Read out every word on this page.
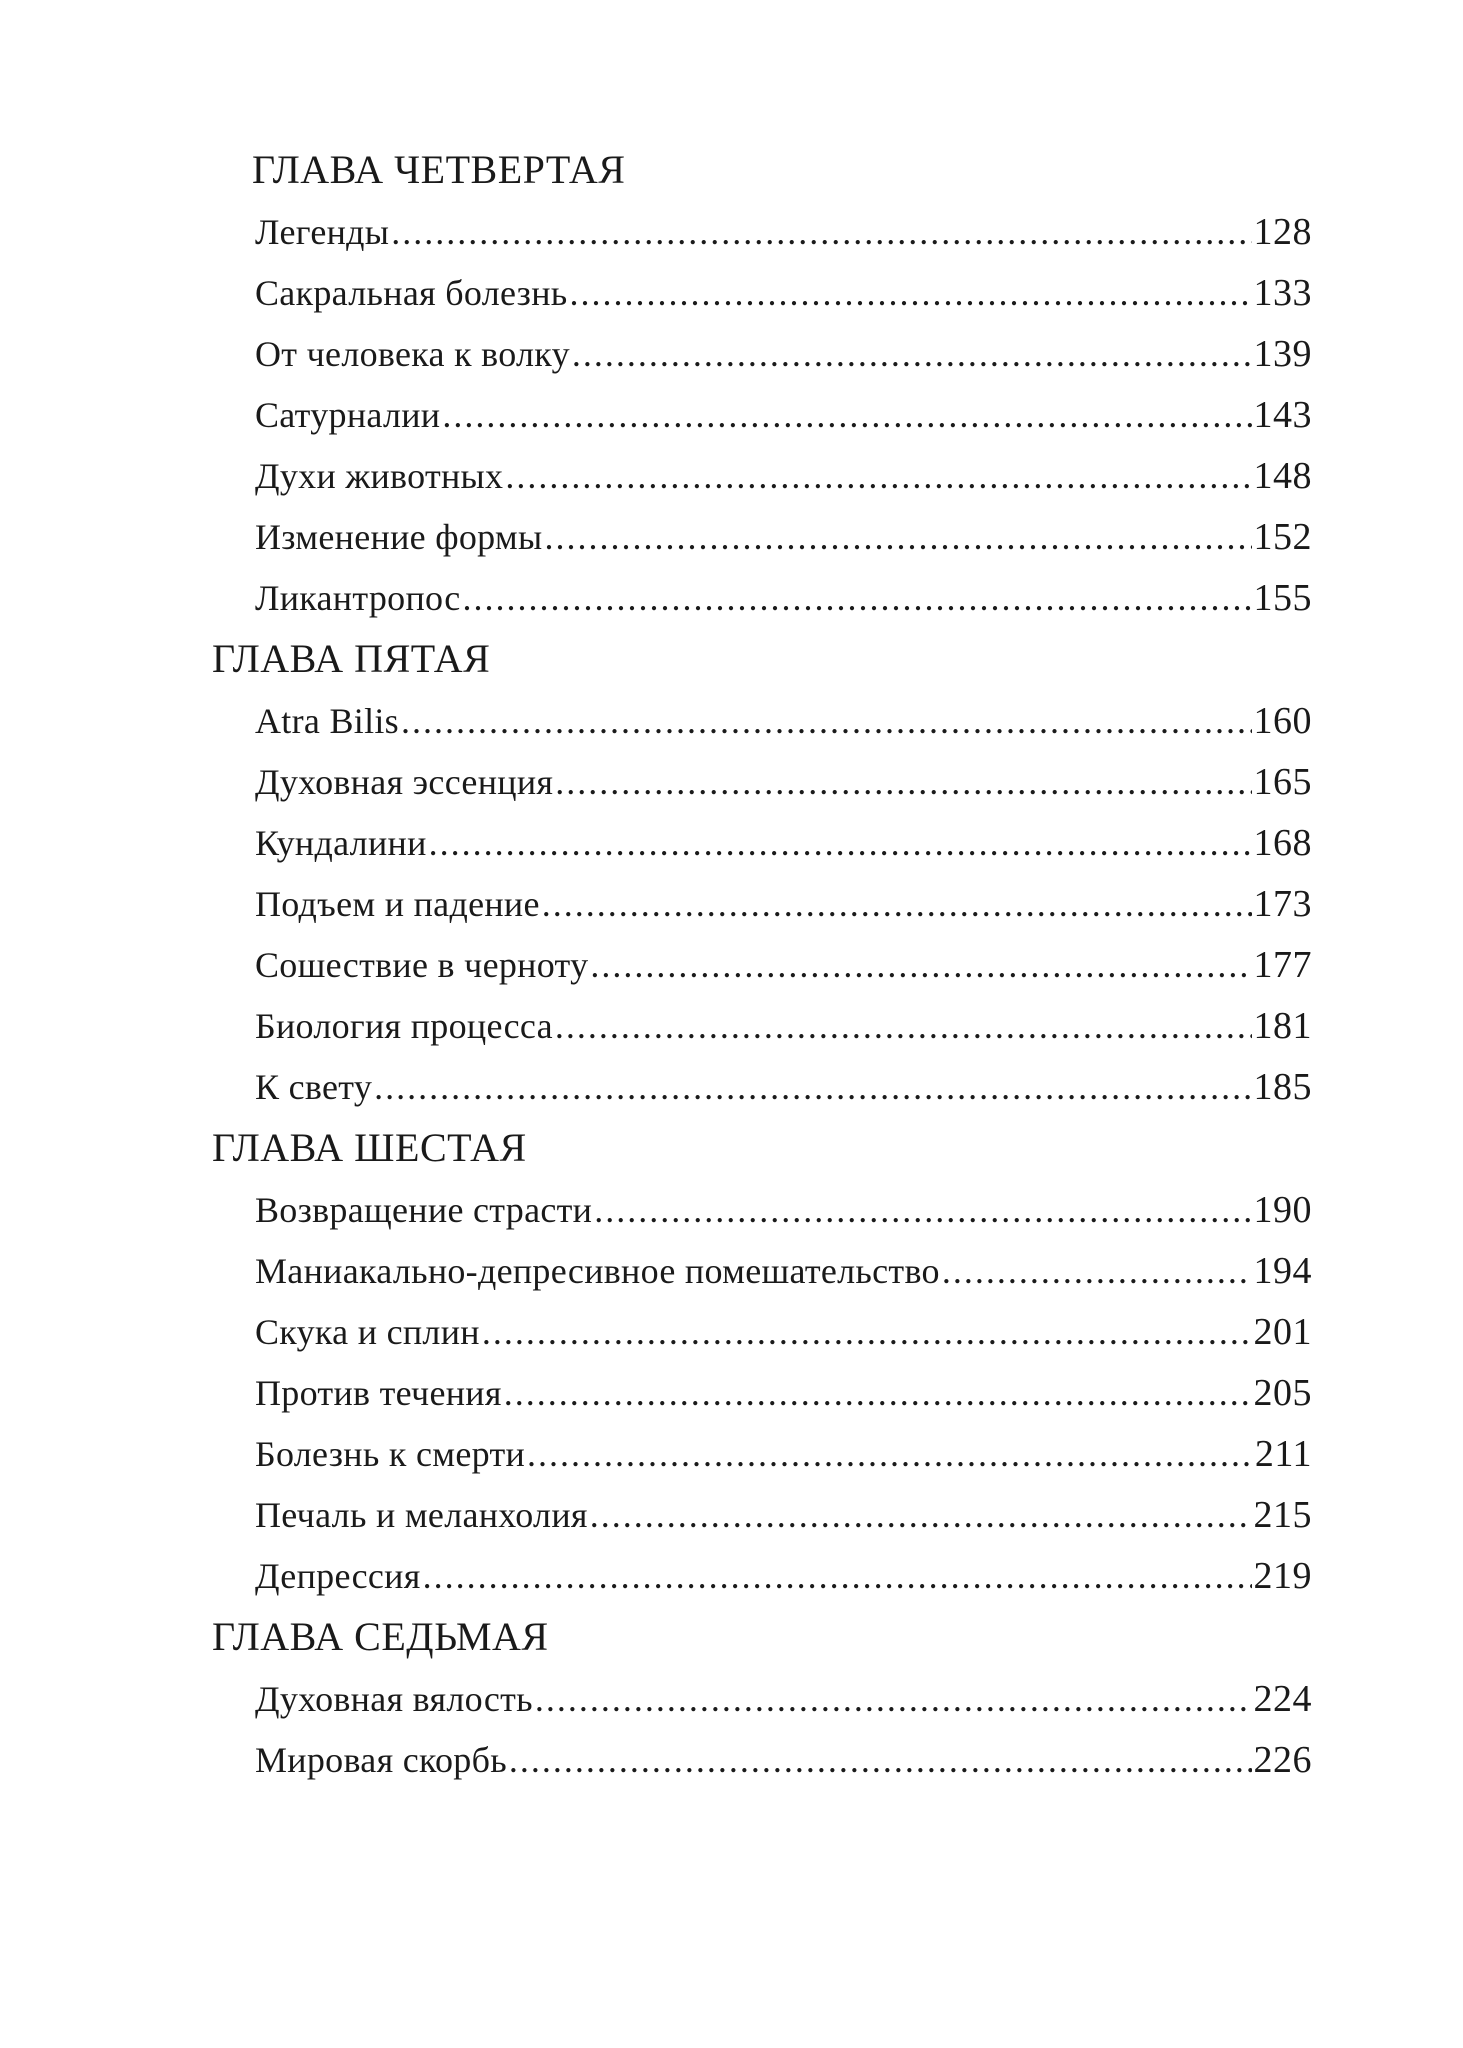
ГЛАВА ЧЕТВЕРТАЯ
Легенды .....	128
Сакральная болезнь .....	133
От человека к волку .....	139
Сатурналии .....	143
Духи животных .....	148
Изменение формы .....	152
Ликантропос .....	155
ГЛАВА ПЯТАЯ
Atra Bilis .....	160
Духовная эссенция .....	165
Кундалини .....	168
Подъем и падение .....	173
Сошествие в черноту .....	177
Биология процесса .....	181
К свету .....	185
ГЛАВА ШЕСТАЯ
Возвращение страсти .....	190
Маниакально-депресивное помешательство .....	194
Скука и сплин .....	201
Против течения .....	205
Болезнь к смерти .....	211
Печаль и меланхолия .....	215
Депрессия .....	219
ГЛАВА СЕДЬМАЯ
Духовная вялость .....	224
Мировая скорбь .....	226
